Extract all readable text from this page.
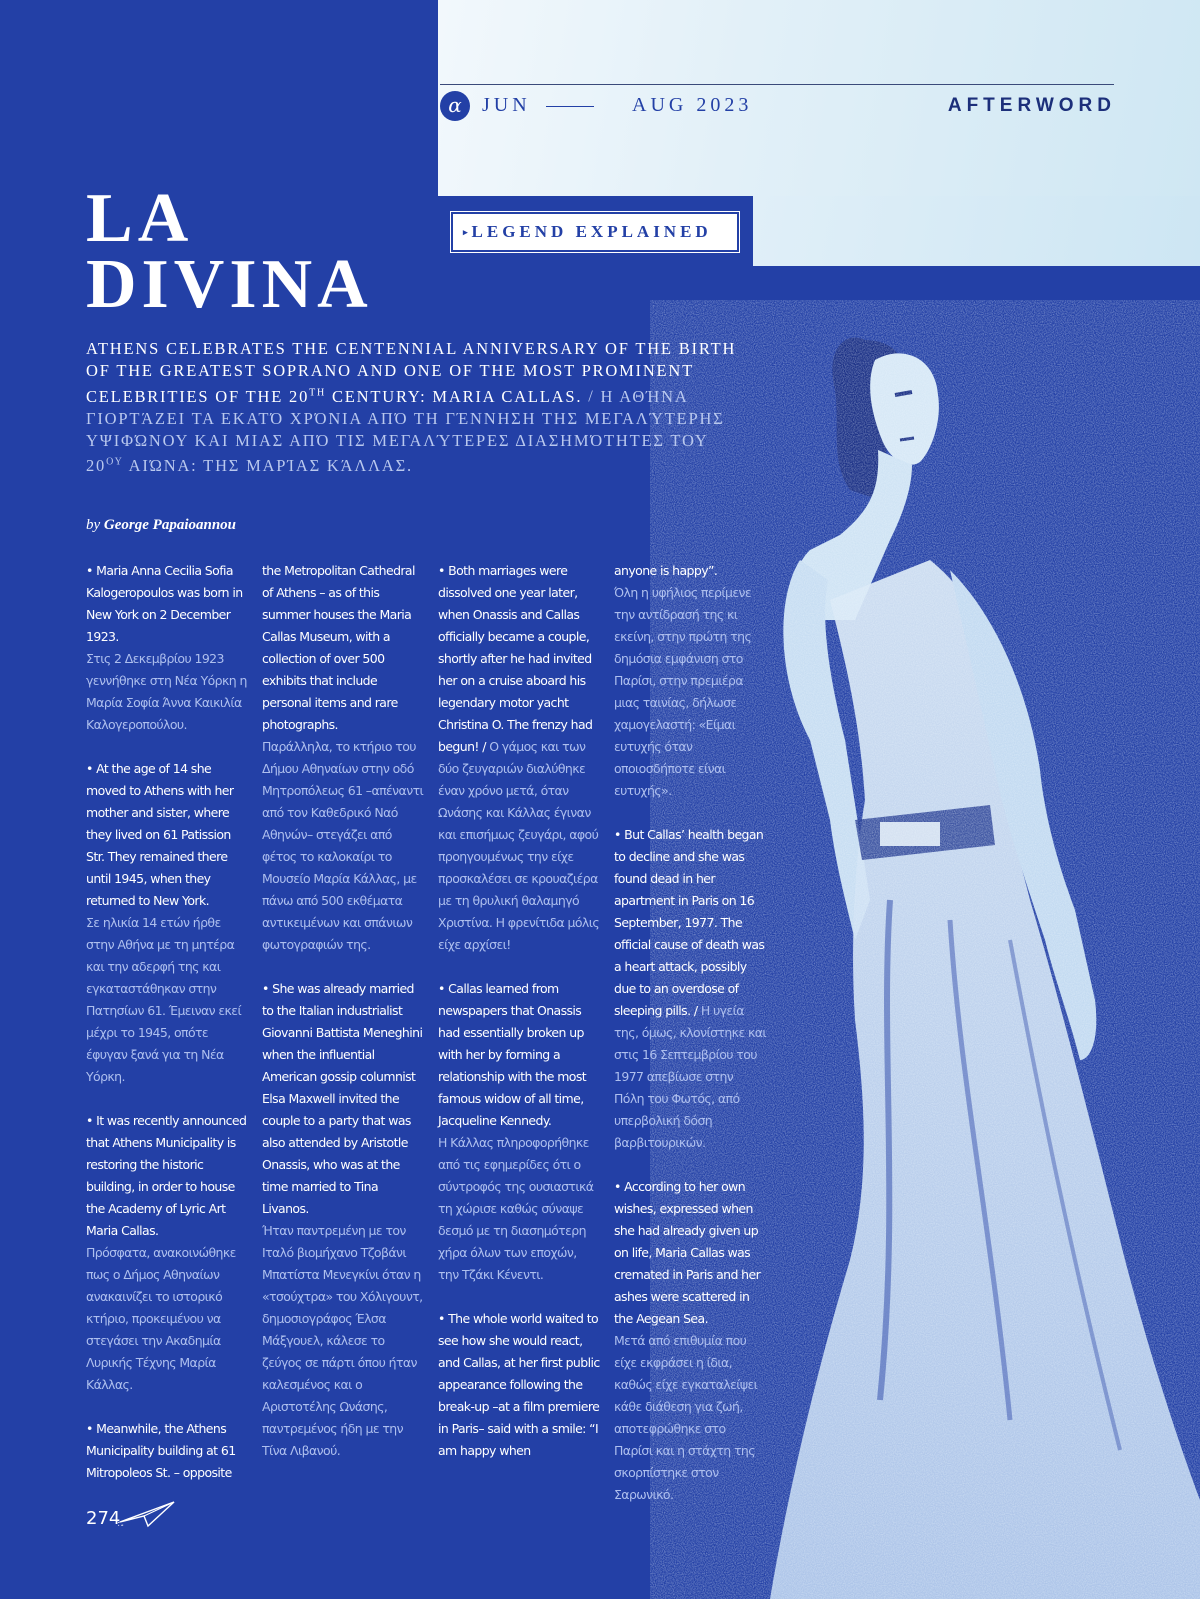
α	JUN	AUG 2023	AFTERWORD
▸ LEGEND EXPLAINED
LA
DIVINA
ATHENS CELEBRATES THE CENTENNIAL ANNIVERSARY OF THE BIRTH OF THE GREATEST SOPRANO AND ONE OF THE MOST PROMINENT CELEBRITIES OF THE 20TH CENTURY: MARIA CALLAS. / Η ΑΘΉΝΑ ΓΙΟΡΤΆΖΕΙ ΤΑ ΕΚΑΤΌ ΧΡΌΝΙΑ ΑΠΌ ΤΗ ΓΈΝΝΗΣΗ ΤΗΣ ΜΕΓΑΛΎΤΕΡΗΣ ΥΨΙΦΏΝΟΥ ΚΑΙ ΜΙΑΣ ΑΠΌ ΤΙΣ ΜΕΓΑΛΎΤΕΡΕΣ ΔΙΑΣΗΜΌΤΗΤΕΣ ΤΟΥ $20^{O\Upsilon}$ ΑΙΏΝΑ: ΤΗΣ ΜΑΡΊΑΣ ΚΆΛΛΑΣ.
by George Papaioannou

• Maria Anna Cecilia Sofia Kalogeropoulos was born in New York on 2 December 1923.
Στις 2 Δεκεμβρίου 1923 γεννήθηκε στη Νέα Υόρκη η Μαρία Σοφία Άννα Καικιλία Καλογεροπούλου.

• At the age of 14 she moved to Athens with her mother and sister, where they lived on 61 Patission Str. They remained there until 1945, when they returned to New York.
Σε ηλικία 14 ετών ήρθε στην Αθήνα με τη μητέρα και την αδερφή της και εγκαταστάθηκαν στην Πατησίων 61. Έμειναν εκεί μέχρι το 1945, οπότε έφυγαν ξανά για τη Νέα Υόρκη.

• It was recently announced that Athens Municipality is restoring the historic building, in order to house the Academy of Lyric Art Maria Callas.
Πρόσφατα, ανακοινώθηκε πως ο Δήμος Αθηναίων ανακαινίζει το ιστορικό κτήριο, προκειμένου να στεγάσει την Ακαδημία Λυρικής Τέχνης Μαρία Κάλλας.

• Meanwhile, the Athens Municipality building at 61 Mitropoleos St. – opposite

the Metropolitan Cathedral of Athens – as of this summer houses the Maria Callas Museum, with a collection of over 500 exhibits that include personal items and rare photographs.
Παράλληλα, το κτήριο του Δήμου Αθηναίων στην οδό Μητροπόλεως 61 –απέναντι από τον Καθεδρικό Ναό Αθηνών– στεγάζει από φέτος το καλοκαίρι το Μουσείο Μαρία Κάλλας, με πάνω από 500 εκθέματα αντικειμένων και σπάνιων φωτογραφιών της.

• She was already married to the Italian industrialist Giovanni Battista Meneghini when the influential American gossip columnist Elsa Maxwell invited the couple to a party that was also attended by Aristotle Onassis, who was at the time married to Tina Livanos.
Ήταν παντρεμένη με τον Ιταλό βιομήχανο Τζοβάνι Μπατίστα Μενεγκίνι όταν η «τσούχτρα» του Χόλιγουντ, δημοσιογράφος Έλσα Μάξγουελ, κάλεσε το ζεύγος σε πάρτι όπου ήταν καλεσμένος και ο Αριστοτέλης Ωνάσης, παντρεμένος ήδη με την Τίνα Λιβανού.

• Both marriages were dissolved one year later, when Onassis and Callas officially became a couple, shortly after he had invited her on a cruise aboard his legendary motor yacht Christina O. The frenzy had begun! / Ο γάμος και των δύο ζευγαριών διαλύθηκε έναν χρόνο μετά, όταν Ωνάσης και Κάλλας έγιναν και επισήμως ζευγάρι, αφού προηγουμένως την είχε προσκαλέσει σε κρουαζιέρα με τη θρυλική θαλαμηγό Χριστίνα. Η φρενίτιδα μόλις είχε αρχίσει!

• Callas learned from newspapers that Onassis had essentially broken up with her by forming a relationship with the most famous widow of all time, Jacqueline Kennedy.
Η Κάλλας πληροφορήθηκε από τις εφημερίδες ότι ο σύντροφός της ουσιαστικά τη χώρισε καθώς σύναψε δεσμό με τη διασημότερη χήρα όλων των εποχών, την Τζάκι Κένεντι.

• The whole world waited to see how she would react, and Callas, at her first public appearance following the break-up –at a film premiere in Paris– said with a smile: “I am happy when

anyone is happy”.
Όλη η υφήλιος περίμενε την αντίδρασή της κι εκείνη, στην πρώτη της δημόσια εμφάνιση στο Παρίσι, στην πρεμιέρα μιας ταινίας, δήλωσε χαμογελαστή: «Είμαι ευτυχής όταν οποιοσδήποτε είναι ευτυχής».

• But Callas’ health began to decline and she was found dead in her apartment in Paris on 16 September, 1977. The official cause of death was a heart attack, possibly due to an overdose of sleeping pills. / Η υγεία της, όμως, κλονίστηκε και στις 16 Σεπτεμβρίου του 1977 απεβίωσε στην Πόλη του Φωτός, από υπερβολική δόση βαρβιτουρικών.

• According to her own wishes, expressed when she had already given up on life, Maria Callas was cremated in Paris and her ashes were scattered in the Aegean Sea.
Μετά από επιθυμία που είχε εκφράσει η ίδια, καθώς είχε εγκαταλείψει κάθε διάθεση για ζωή, αποτεφρώθηκε στο Παρίσι και η στάχτη της σκορπίστηκε στον Σαρωνικό.

274
